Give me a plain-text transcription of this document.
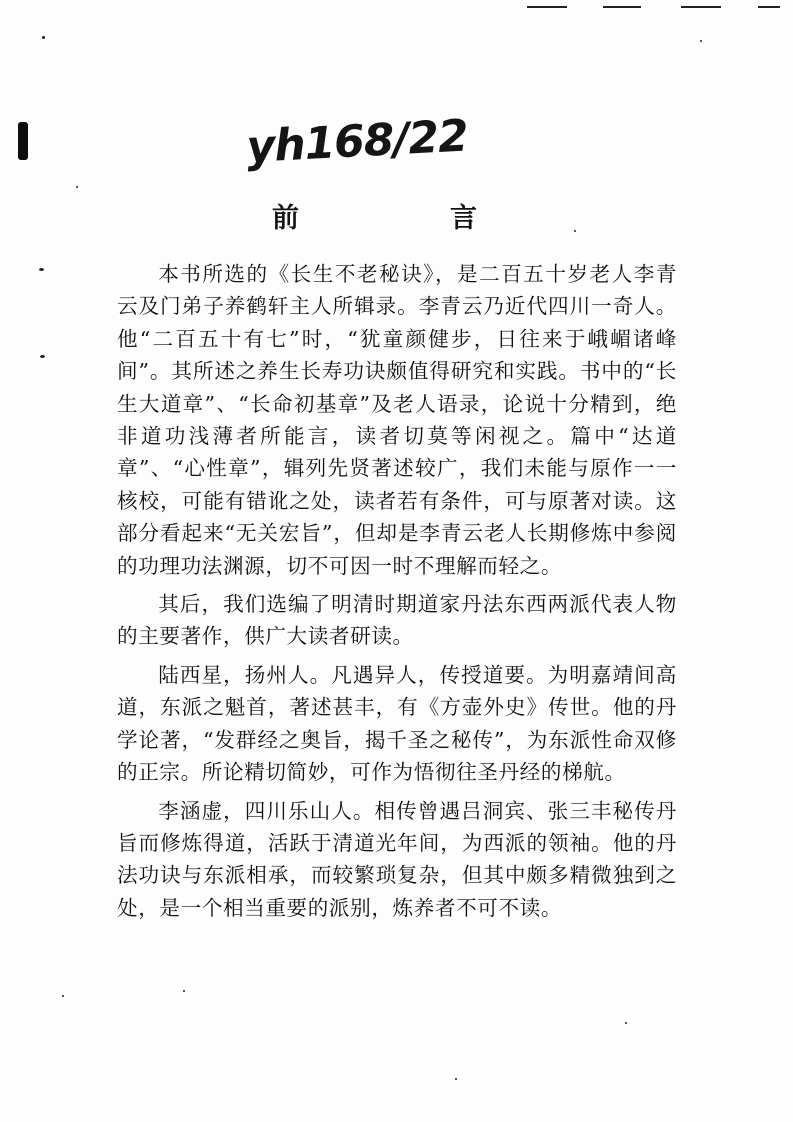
yh168/22
前　言

本书所选的《长生不老秘诀》，是二百五十岁老人李青云及门弟子养鹤轩主人所辑录。李青云乃近代四川一奇人。他“二百五十有七”时，“犹童颜健步，日往来于峨嵋诸峰间”。其所述之养生长寿功诀颇值得研究和实践。书中的“长生大道章”、“长命初基章”及老人语录，论说十分精到，绝非道功浅薄者所能言，读者切莫等闲视之。篇中“达道章”、“心性章”，辑列先贤著述较广，我们未能与原作一一核校，可能有错讹之处，读者若有条件，可与原著对读。这部分看起来“无关宏旨”，但却是李青云老人长期修炼中参阅的功理功法渊源，切不可因一时不理解而轻之。

其后，我们选编了明清时期道家丹法东西两派代表人物的主要著作，供广大读者研读。

陆西星，扬州人。凡遇异人，传授道要。为明嘉靖间高道，东派之魁首，著述甚丰，有《方壶外史》传世。他的丹学论著，“发群经之奥旨，揭千圣之秘传”，为东派性命双修的正宗。所论精切简妙，可作为悟彻往圣丹经的梯航。

李涵虚，四川乐山人。相传曾遇吕洞宾、张三丰秘传丹旨而修炼得道，活跃于清道光年间，为西派的领袖。他的丹法功诀与东派相承，而较繁琐复杂，但其中颇多精微独到之处，是一个相当重要的派别，炼养者不可不读。
